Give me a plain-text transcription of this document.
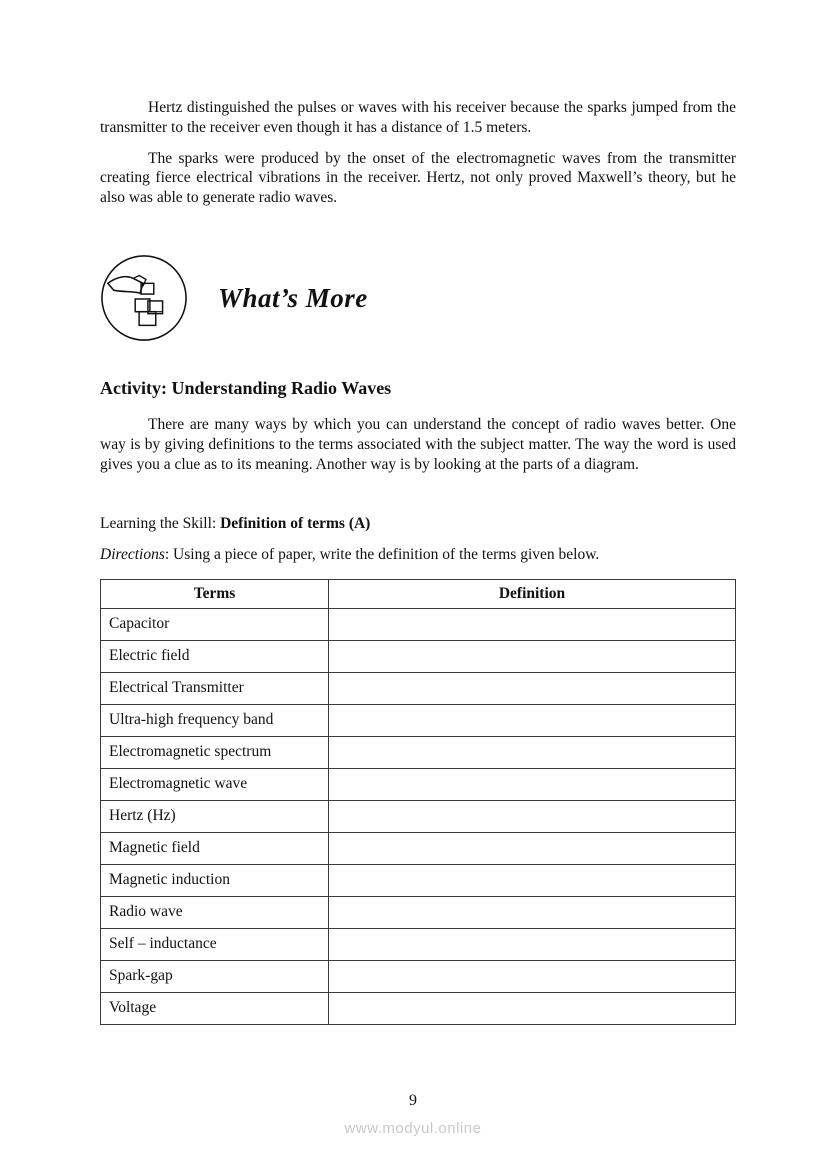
Hertz distinguished the pulses or waves with his receiver because the sparks jumped from the transmitter to the receiver even though it has a distance of 1.5 meters.

The sparks were produced by the onset of the electromagnetic waves from the transmitter creating fierce electrical vibrations in the receiver. Hertz, not only proved Maxwell’s theory, but he also was able to generate radio waves.

What’s More
Activity: Understanding Radio Waves

There are many ways by which you can understand the concept of radio waves better. One way is by giving definitions to the terms associated with the subject matter. The way the word is used gives you a clue as to its meaning. Another way is by looking at the parts of a diagram.

Learning the Skill: Definition of terms (A)

Directions: Using a piece of paper, write the definition of the terms given below.

Terms	Definition
Capacitor	
Electric field	
Electrical Transmitter	
Ultra-high frequency band	
Electromagnetic spectrum	
Electromagnetic wave	
Hertz (Hz)	
Magnetic field	
Magnetic induction	
Radio wave	
Self – inductance	
Spark-gap	
Voltage	
9
www.modyul.online
